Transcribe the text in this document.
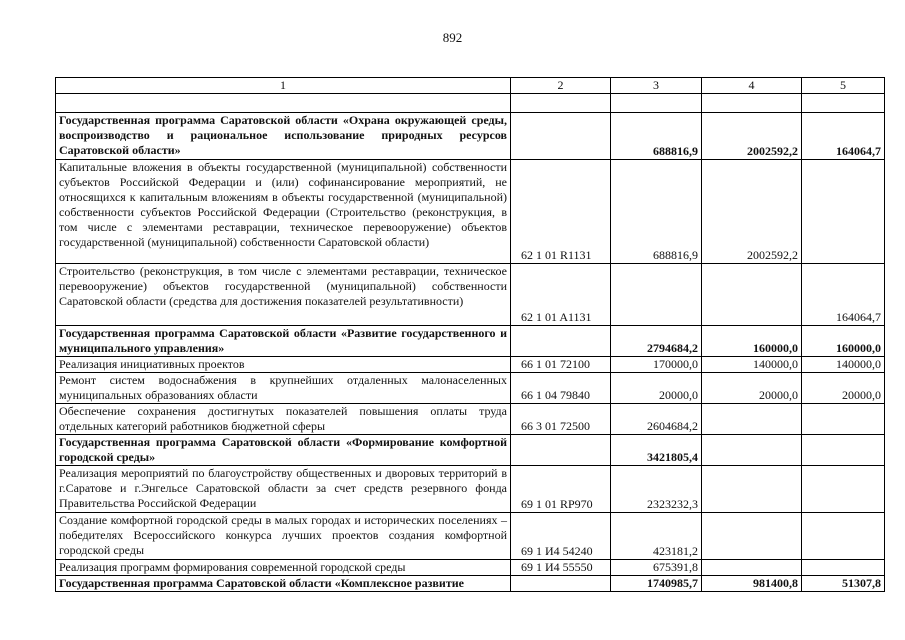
892
1	2	3	4	5

Государственная программа Саратовской области «Охрана окружающей среды, воспроизводство и рациональное использование природных ресурсов Саратовской области»		688816,9	2002592,2	164064,7
Капитальные вложения в объекты государственной (муниципальной) собственности субъектов Российской Федерации и (или) софинансирование мероприятий, не относящихся к капитальным вложениям в объекты государственной (муниципальной) собственности субъектов Российской Федерации (Строительство (реконструкция, в том числе с элементами реставрации, техническое перевооружение) объектов государственной (муниципальной) собственности Саратовской области)	62 1 01 R1131	688816,9	2002592,2	
Строительство (реконструкция, в том числе с элементами реставрации, техническое перевооружение) объектов государственной (муниципальной) собственности Саратовской области (средства для достижения показателей результативности)	62 1 01 A1131			164064,7
Государственная программа Саратовской области «Развитие государственного и муниципального управления»		2794684,2	160000,0	160000,0
Реализация инициативных проектов	66 1 01 72100	170000,0	140000,0	140000,0
Ремонт систем водоснабжения в крупнейших отдаленных малонаселенных муниципальных образованиях области	66 1 04 79840	20000,0	20000,0	20000,0
Обеспечение сохранения достигнутых показателей повышения оплаты труда отдельных категорий работников бюджетной сферы	66 3 01 72500	2604684,2		
Государственная программа Саратовской области «Формирование комфортной городской среды»		3421805,4		
Реализация мероприятий по благоустройству общественных и дворовых территорий в г.Саратове и г.Энгельсе Саратовской области за счет средств резервного фонда Правительства Российской Федерации	69 1 01 RP970	2323232,3		
Создание комфортной городской среды в малых городах и исторических поселениях – победителях Всероссийского конкурса лучших проектов создания комфортной городской среды	69 1 И4 54240	423181,2		
Реализация программ формирования современной городской среды	69 1 И4 55550	675391,8		
Государственная программа Саратовской области «Комплексное развитие		1740985,7	981400,8	51307,8
